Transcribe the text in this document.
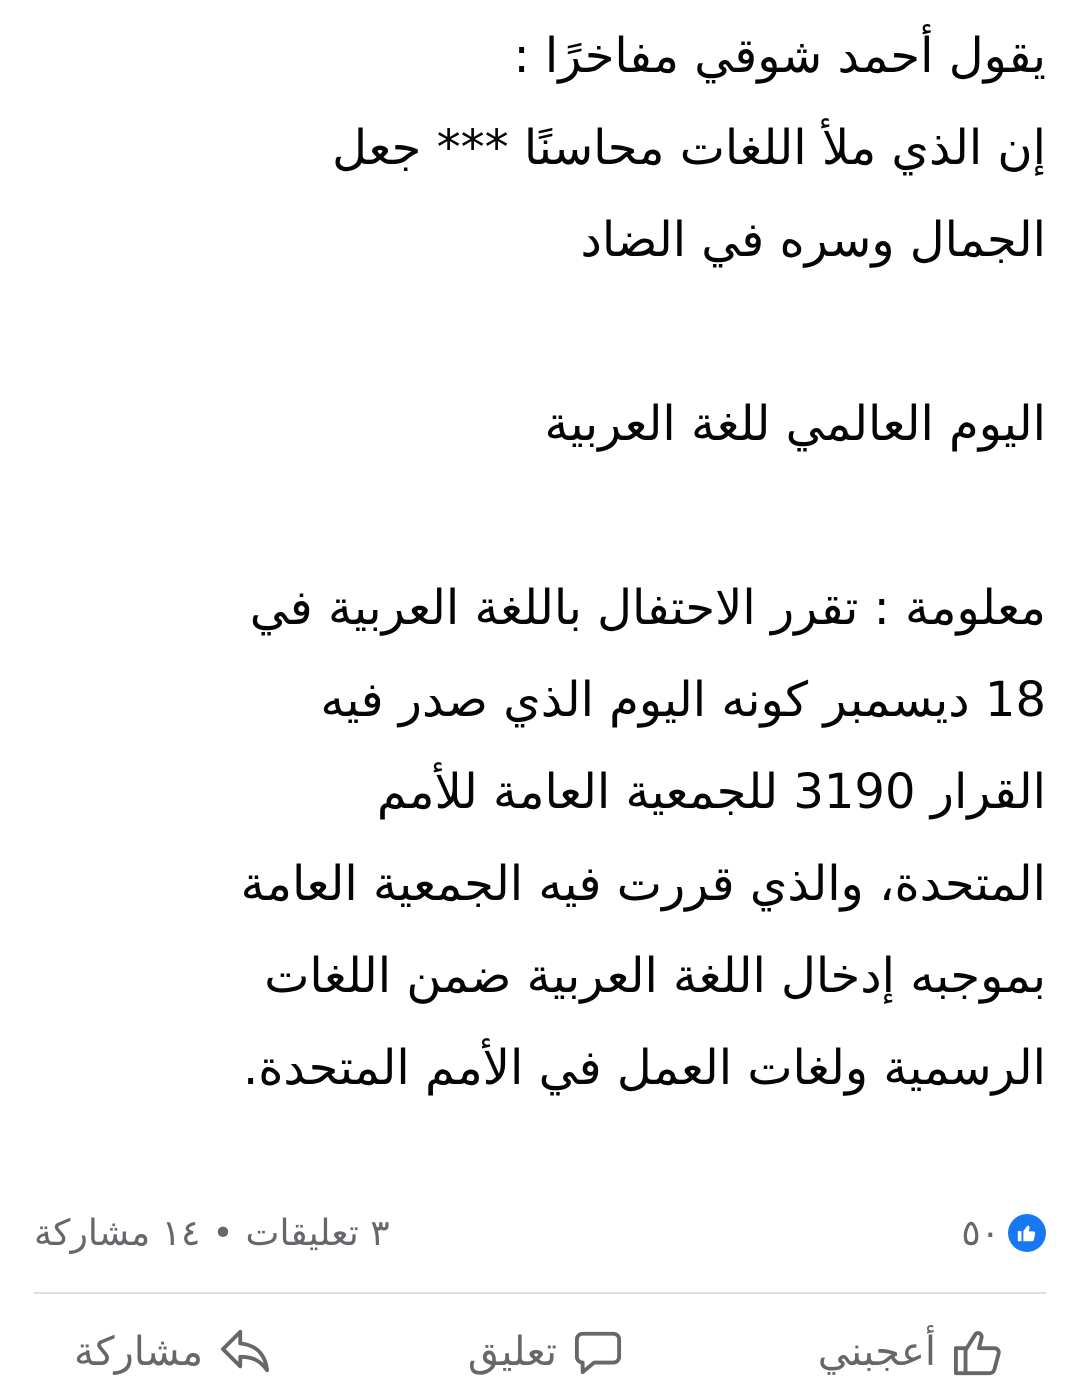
يقول أحمد شوقي مفاخرًا :

إن الذي ملأ اللغات محاسنًا *** جعل

الجمال وسره في الضاد

اليوم العالمي للغة العربية

معلومة : تقرر الاحتفال باللغة العربية في

18 ديسمبر كونه اليوم الذي صدر فيه

القرار 3190 للجمعية العامة للأمم

المتحدة، والذي قررت فيه الجمعية العامة

بموجبه إدخال اللغة العربية ضمن اللغات

الرسمية ولغات العمل في الأمم المتحدة.

٣ تعليقات
•
١٤ مشاركة	٥٠
أعجبني
تعليق
مشاركة
